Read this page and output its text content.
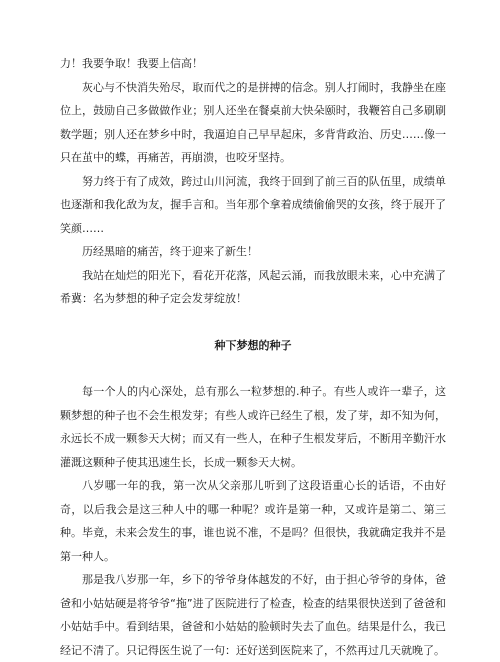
力！我要争取！我要上信高！

灰心与不快消失殆尽，取而代之的是拼搏的信念。别人打闹时，我静坐在座位上，鼓励自己多做做作业；别人还坐在餐桌前大快朵颐时，我鞭笞自己多刷刷数学题；别人还在梦乡中时，我逼迫自己早早起床，多背背政治、历史……像一只在茧中的蝶，再痛苦，再崩溃，也咬牙坚持。

努力终于有了成效，跨过山川河流，我终于回到了前三百的队伍里，成绩单也逐渐和我化敌为友，握手言和。当年那个拿着成绩偷偷哭的女孩，终于展开了笑颜……

历经黑暗的痛苦，终于迎来了新生！

我站在灿烂的阳光下，看花开花落，风起云涌，而我放眼未来，心中充满了希冀：名为梦想的种子定会发芽绽放！

种下梦想的种子

每一个人的内心深处，总有那么一粒梦想的.种子。有些人或许一辈子，这颗梦想的种子也不会生根发芽；有些人或许已经生了根，发了芽，却不知为何，永远长不成一颗参天大树；而又有一些人，在种子生根发芽后，不断用辛勤汗水灌溉这颗种子使其迅速生长，长成一颗参天大树。

八岁哪一年的我，第一次从父亲那儿听到了这段语重心长的话语，不由好奇，以后我会是这三种人中的哪一种呢？或许是第一种，又或许是第二、第三种。毕竟，未来会发生的事，谁也说不准，不是吗？但很快，我就确定我并不是第一种人。

那是我八岁那一年，乡下的爷爷身体越发的不好，由于担心爷爷的身体，爸爸和小姑姑硬是将爷爷“拖”进了医院进行了检查，检查的结果很快送到了爸爸和小姑姑手中。看到结果，爸爸和小姑姑的脸顿时失去了血色。结果是什么，我已经记不清了。只记得医生说了一句：还好送到医院来了，不然再过几天就晚了。
